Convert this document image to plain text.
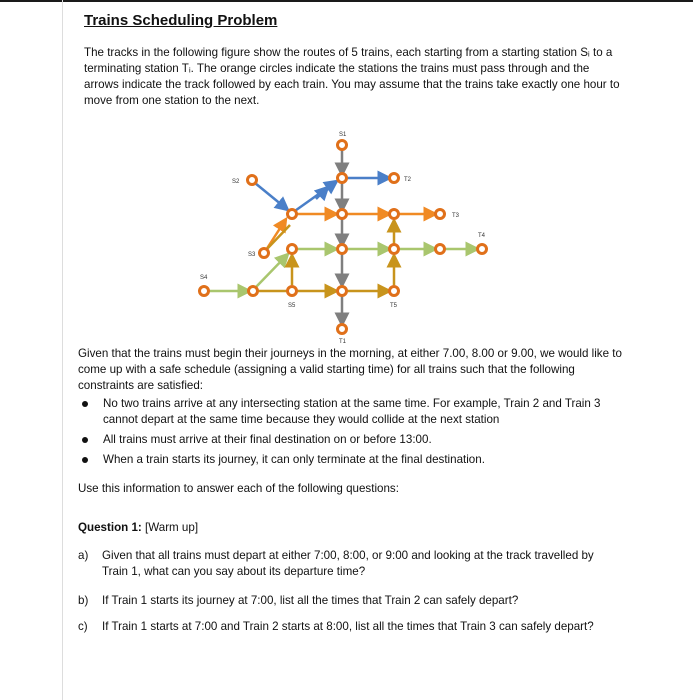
Trains Scheduling Problem
The tracks in the following figure show the routes of 5 trains, each starting from a starting station Sᵢ to a terminating station Tᵢ. The orange circles indicate the stations the trains must pass through and the arrows indicate the track followed by each train. You may assume that the trains take exactly one hour to move from one station to the next.
S1
S2	T2
T3
T4
S3
S4
S5	T5
T1
Given that the trains must begin their journeys in the morning, at either 7.00, 8.00 or 9.00, we would like to come up with a safe schedule (assigning a valid starting time) for all trains such that the following constraints are satisfied:
No two trains arrive at any intersecting station at the same time. For example, Train 2 and Train 3 cannot depart at the same time because they would collide at the next station
All trains must arrive at their final destination on or before 13:00.
When a train starts its journey, it can only terminate at the final destination.
Use this information to answer each of the following questions:
Question 1: [Warm up]
a) Given that all trains must depart at either 7:00, 8:00, or 9:00 and looking at the track travelled by Train 1, what can you say about its departure time?
b) If Train 1 starts its journey at 7:00, list all the times that Train 2 can safely depart?
c) If Train 1 starts at 7:00 and Train 2 starts at 8:00, list all the times that Train 3 can safely depart?
